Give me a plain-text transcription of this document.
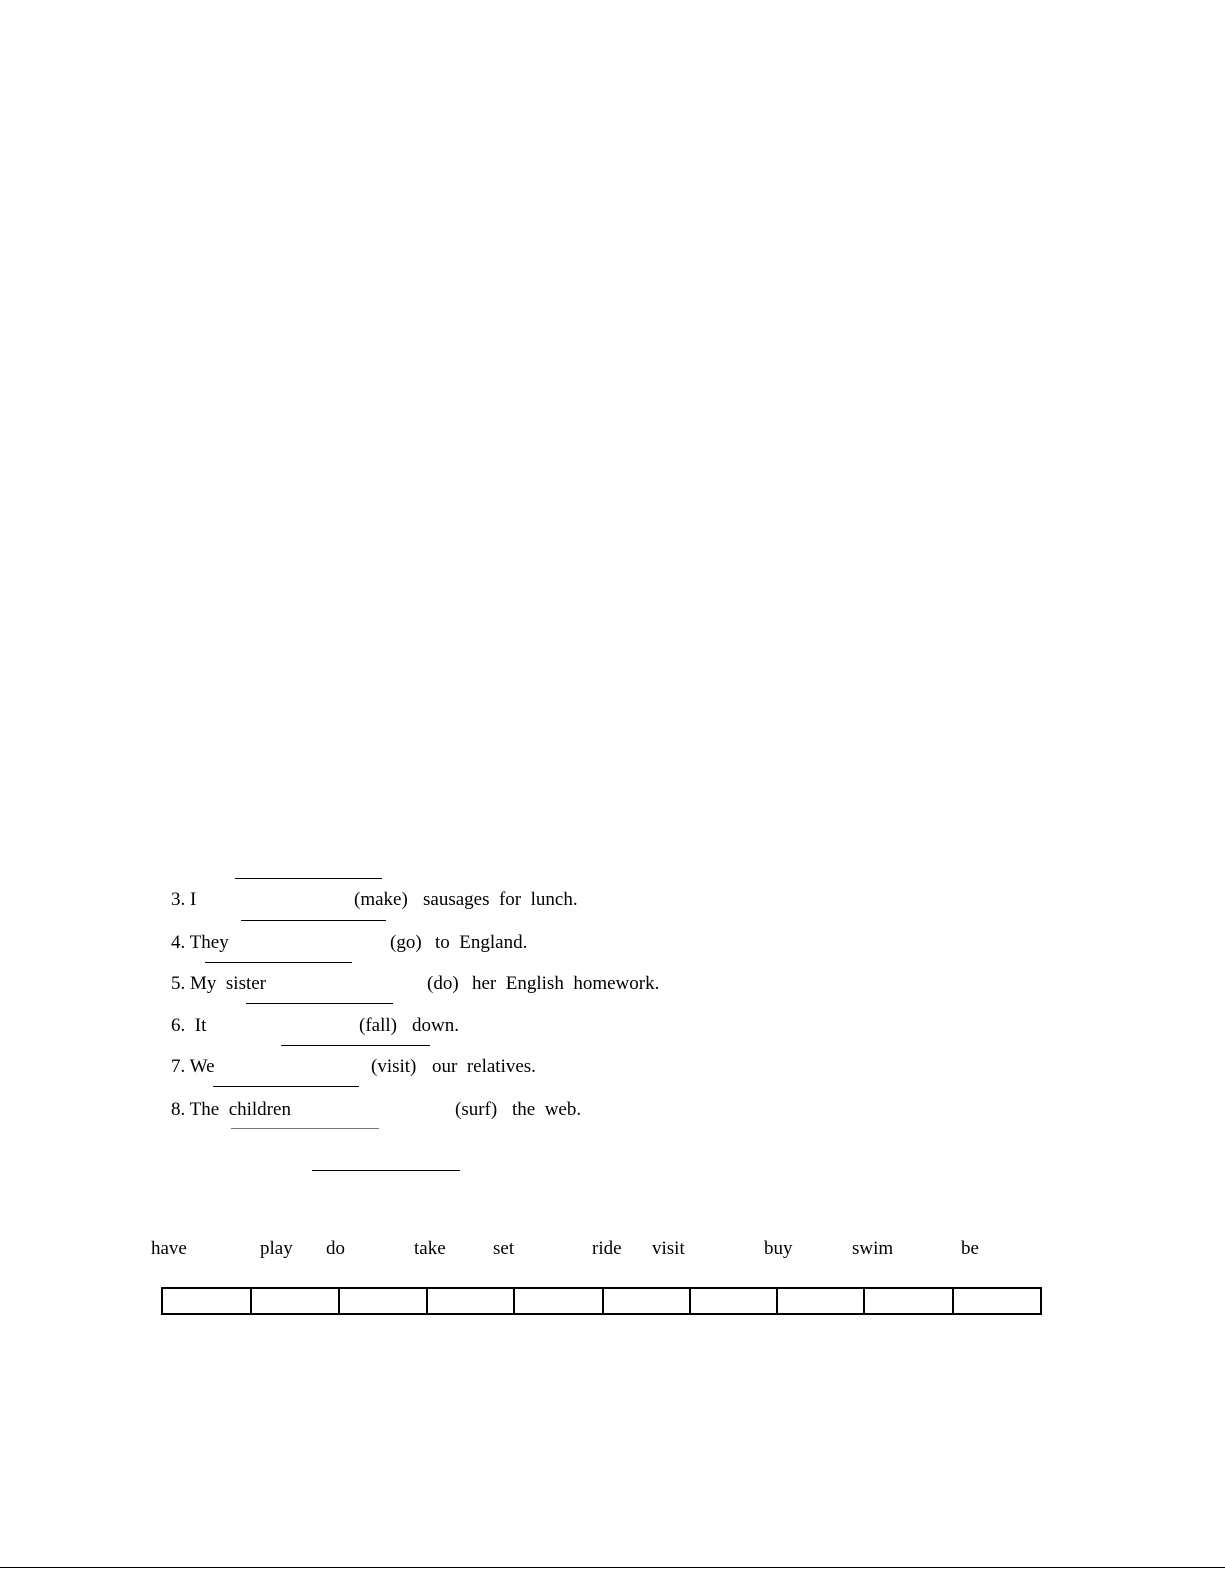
3. I	(make) sausages  for  lunch.
4. They	(go) to  England.
5. My  sister	(do) her  English  homework.
6.  It	(fall) down.
7. We	(visit) our  relatives.
8. The  children	(surf) the  web.
have	play do	take set	ride visit	buy	swim	be
